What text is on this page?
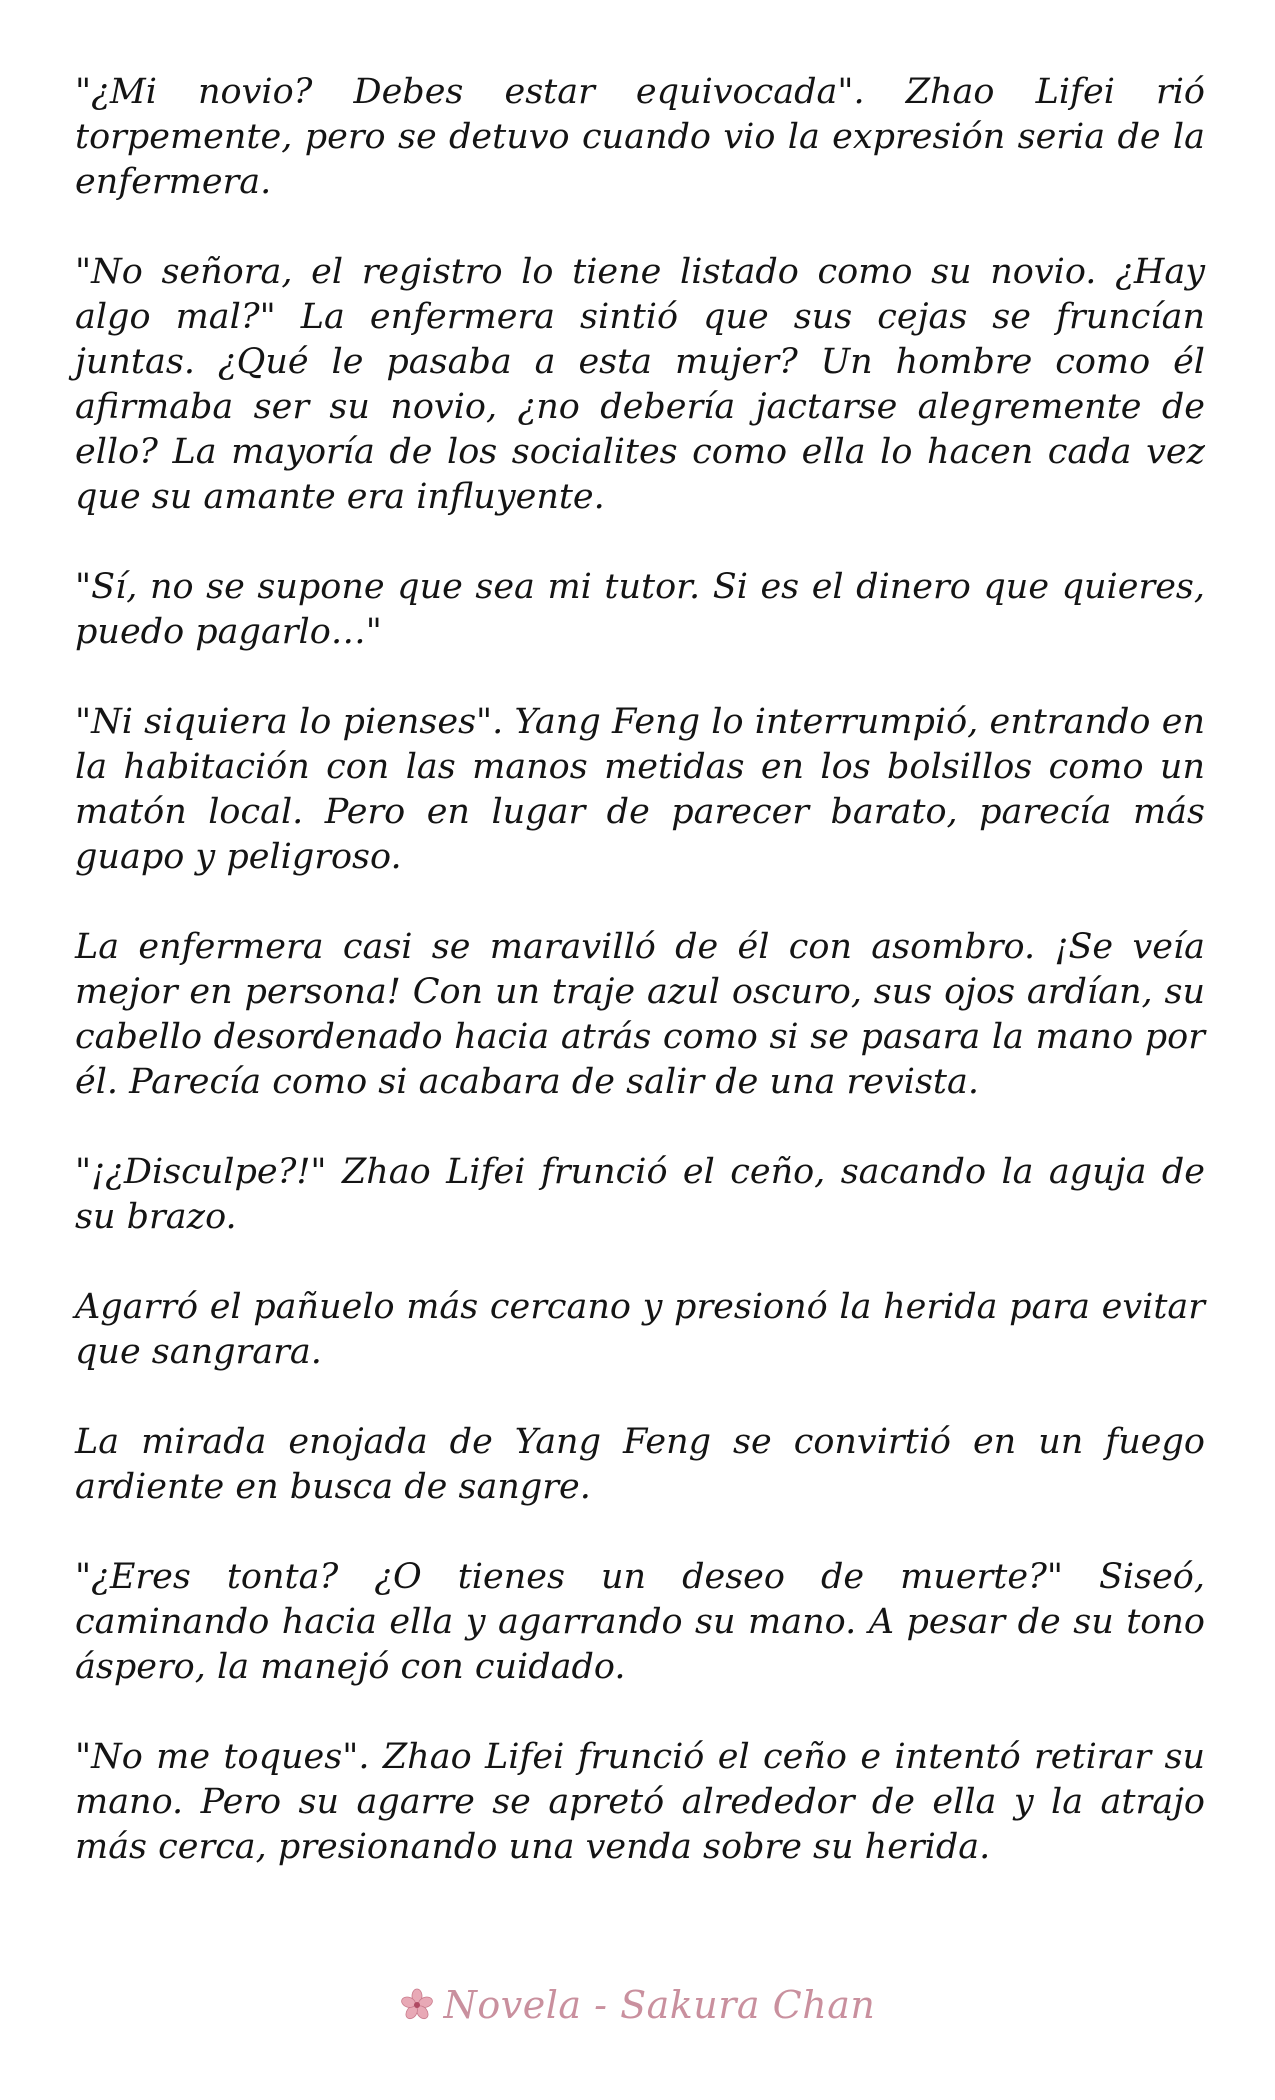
"¿Mi novio? Debes estar equivocada". Zhao Lifei rió torpemente, pero se detuvo cuando vio la expresión seria de la enfermera.

"No señora, el registro lo tiene listado como su novio. ¿Hay algo mal?" La enfermera sintió que sus cejas se fruncían juntas. ¿Qué le pasaba a esta mujer? Un hombre como él afirmaba ser su novio, ¿no debería jactarse alegremente de ello? La mayoría de los socialites como ella lo hacen cada vez que su amante era influyente.

"Sí, no se supone que sea mi tutor. Si es el dinero que quieres, puedo pagarlo…"

"Ni siquiera lo pienses". Yang Feng lo interrumpió, entrando en la habitación con las manos metidas en los bolsillos como un matón local. Pero en lugar de parecer barato, parecía más guapo y peligroso.

La enfermera casi se maravilló de él con asombro. ¡Se veía mejor en persona! Con un traje azul oscuro, sus ojos ardían, su cabello desordenado hacia atrás como si se pasara la mano por él. Parecía como si acabara de salir de una revista.

"¡¿Disculpe?!" Zhao Lifei frunció el ceño, sacando la aguja de su brazo.

Agarró el pañuelo más cercano y presionó la herida para evitar que sangrara.

La mirada enojada de Yang Feng se convirtió en un fuego ardiente en busca de sangre.

"¿Eres tonta? ¿O tienes un deseo de muerte?" Siseó, caminando hacia ella y agarrando su mano. A pesar de su tono áspero, la manejó con cuidado.

"No me toques". Zhao Lifei frunció el ceño e intentó retirar su mano. Pero su agarre se apretó alrededor de ella y la atrajo más cerca, presionando una venda sobre su herida.

Novela - Sakura Chan
